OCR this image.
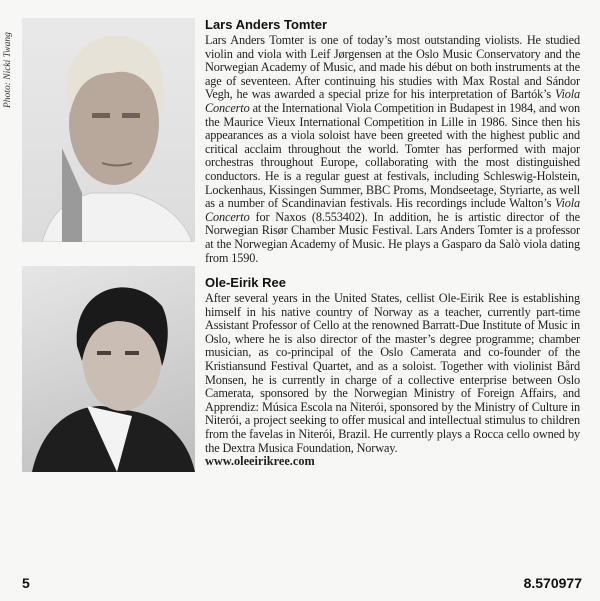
Photo: Nicki Twang
Lars Anders Tomter

Lars Anders Tomter is one of today’s most outstanding violists. He studied violin and viola with Leif Jørgensen at the Oslo Music Conservatory and the Norwegian Academy of Music, and made his début on both instruments at the age of seventeen. After continuing his studies with Max Rostal and Sándor Vegh, he was awarded a special prize for his interpretation of Bartók’s Viola Concerto at the International Viola Competition in Budapest in 1984, and won the Maurice Vieux International Competition in Lille in 1986. Since then his appearances as a viola soloist have been greeted with the highest public and critical acclaim throughout the world. Tomter has performed with major orchestras throughout Europe, collaborating with the most distinguished conductors. He is a regular guest at festivals, including Schleswig-Holstein, Lockenhaus, Kissingen Summer, BBC Proms, Mondseetage, Styriarte, as well as a number of Scandinavian festivals. His recordings include Walton’s Viola Concerto for Naxos (8.553402). In addition, he is artistic director of the Norwegian Risør Chamber Music Festival. Lars Anders Tomter is a professor at the Norwegian Academy of Music. He plays a Gasparo da Salò viola dating from 1590.

Ole-Eirik Ree

After several years in the United States, cellist Ole-Eirik Ree is establishing himself in his native country of Norway as a teacher, currently part-time Assistant Professor of Cello at the renowned Barratt-Due Institute of Music in Oslo, where he is also director of the master’s degree programme; chamber musician, as co-principal of the Oslo Camerata and co-founder of the Kristiansund Festival Quartet, and as a soloist. Together with violinist Bård Monsen, he is currently in charge of a collective enterprise between Oslo Camerata, sponsored by the Norwegian Ministry of Foreign Affairs, and Apprendiz: Música Escola na Niterói, sponsored by the Ministry of Culture in Niterói, a project seeking to offer musical and intellectual stimulus to children from the favelas in Niterói, Brazil. He currently plays a Rocca cello owned by the Dextra Musica Foundation, Norway.

www.oleeirikree.com
5	8.570977
